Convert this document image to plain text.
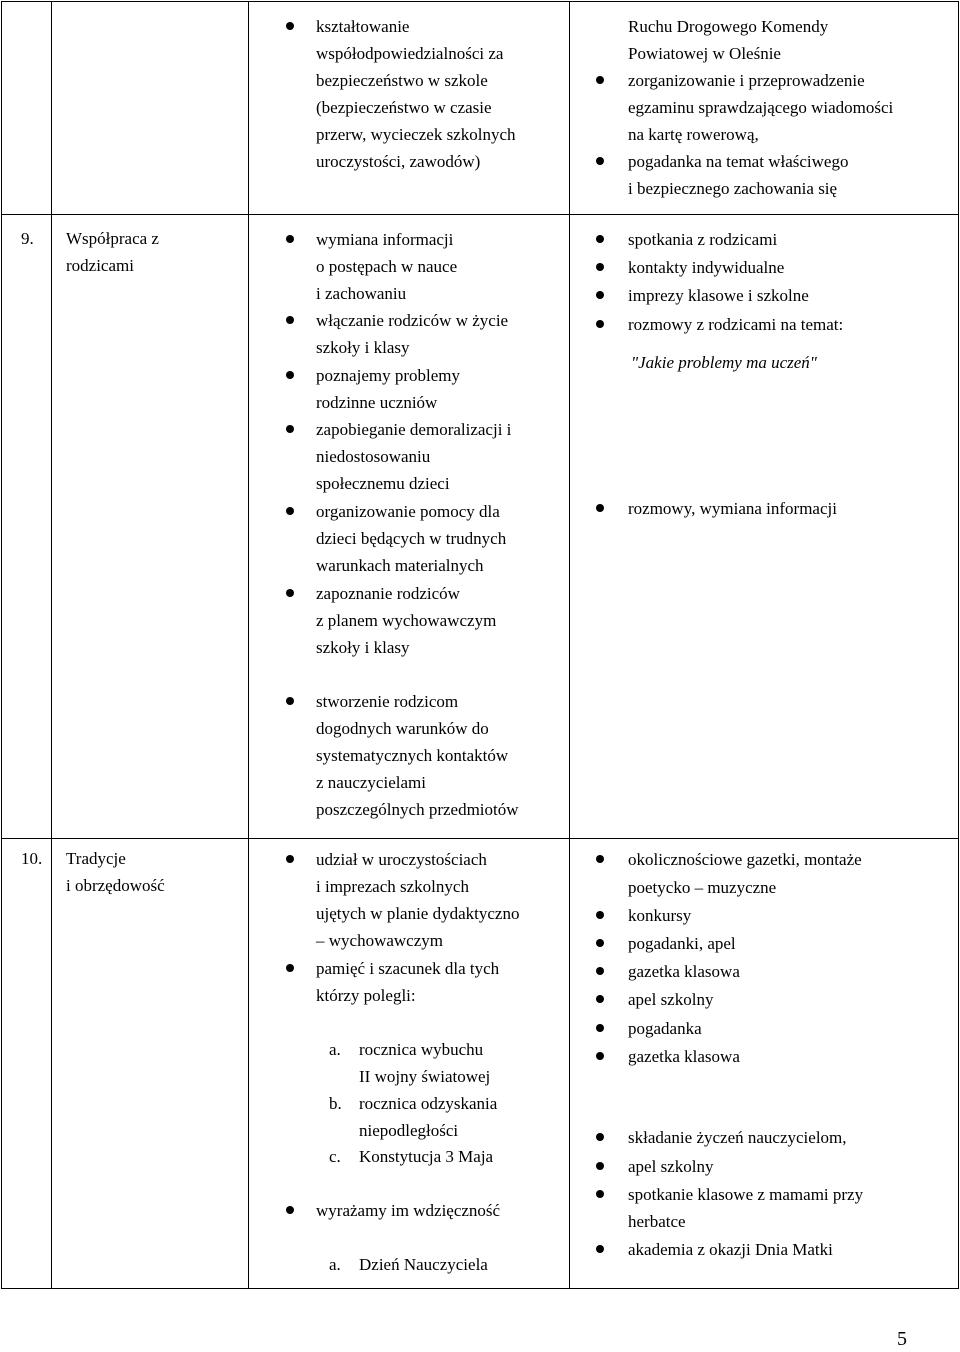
kształtowanie
współodpowiedzialności za
bezpieczeństwo w szkole
(bezpieczeństwo w czasie
przerw, wycieczek szkolnych
uroczystości, zawodów)
Ruchu Drogowego Komendy
Powiatowej w Oleśnie
zorganizowanie i przeprowadzenie
egzaminu sprawdzającego wiadomości
na kartę rowerową,
pogadanka na temat właściwego
i bezpiecznego zachowania się
9. Współpraca z
rodzicami
wymiana informacji
o postępach w nauce
i zachowaniu
włączanie rodziców w życie
szkoły i klasy
poznajemy problemy
rodzinne uczniów
zapobieganie demoralizacji i
niedostosowaniu
społecznemu dzieci
organizowanie pomocy dla
dzieci będących w trudnych
warunkach materialnych
zapoznanie rodziców
z planem wychowawczym
szkoły i klasy
stworzenie rodzicom
dogodnych warunków do
systematycznych kontaktów
z nauczycielami
poszczególnych przedmiotów
spotkania z rodzicami
kontakty indywidualne
imprezy klasowe i szkolne
rozmowy z rodzicami na temat:
"Jakie problemy ma uczeń"
rozmowy, wymiana informacji
10. Tradycje
i obrzędowość
udział w uroczystościach
i imprezach szkolnych
ujętych w planie dydaktyczno
– wychowawczym
pamięć i szacunek dla tych
którzy polegli:
a. rocznica wybuchu
II wojny światowej
b. rocznica odzyskania
niepodległości
c. Konstytucja 3 Maja
wyrażamy im wdzięczność
a. Dzień Nauczyciela
okolicznościowe gazetki, montaże
poetycko – muzyczne
konkursy
pogadanki, apel
gazetka klasowa
apel szkolny
pogadanka
gazetka klasowa
składanie życzeń nauczycielom,
apel szkolny
spotkanie klasowe z mamami przy
herbatce
akademia z okazji Dnia Matki
5
